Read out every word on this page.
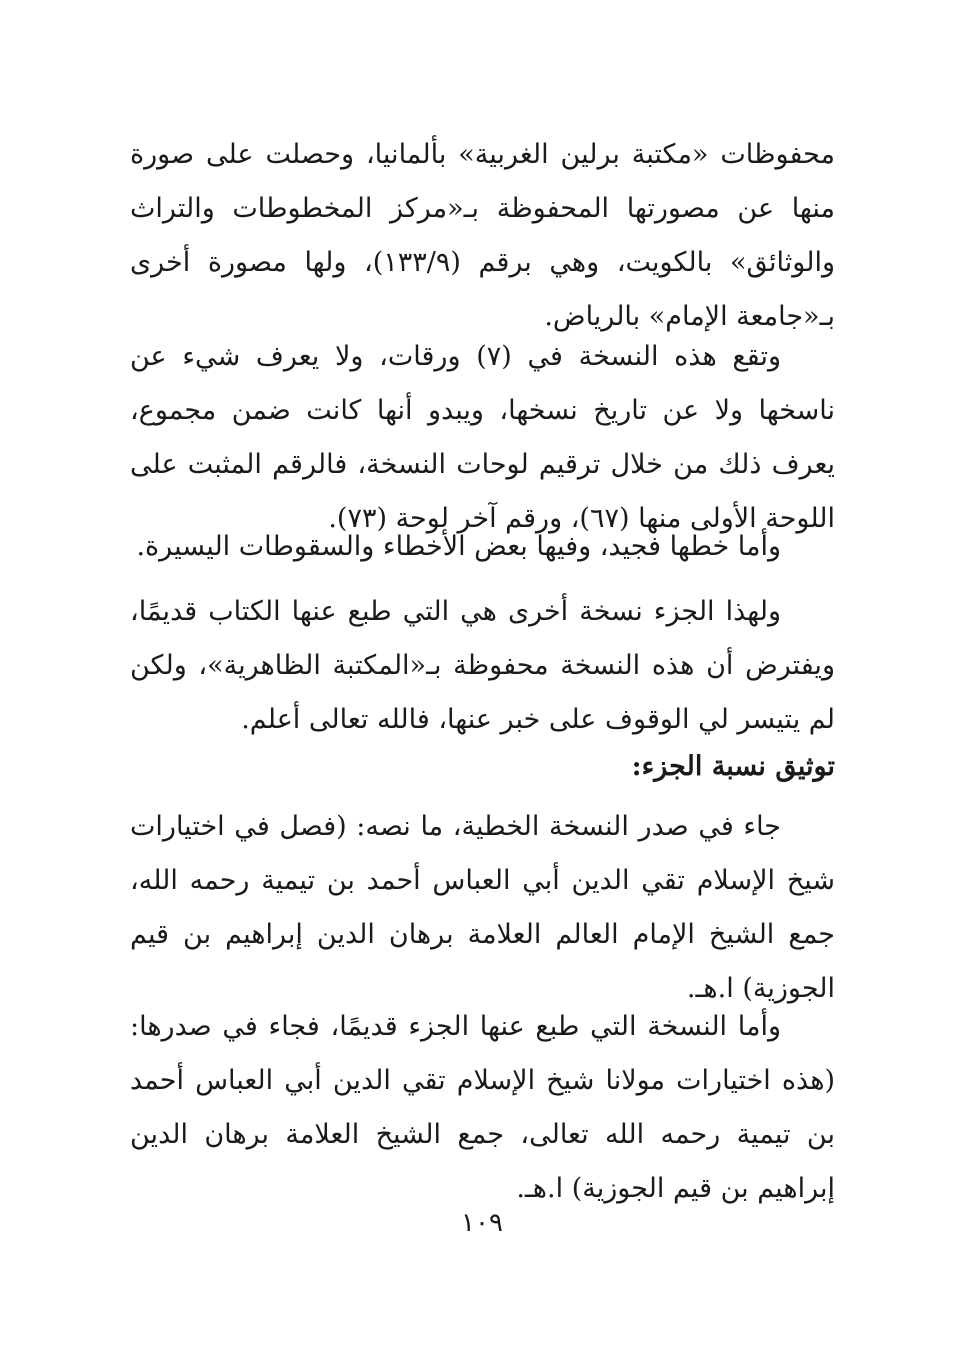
محفوظات «مكتبة برلين الغربية» بألمانيا، وحصلت على صورة منها عن مصورتها المحفوظة بـ«مركز المخطوطات والتراث والوثائق» بالكويت، وهي برقم (١٣٣/٩)، ولها مصورة أخرى بـ«جامعة الإمام» بالرياض.

وتقع هذه النسخة في (٧) ورقات، ولا يعرف شيء عن ناسخها ولا عن تاريخ نسخها، ويبدو أنها كانت ضمن مجموع، يعرف ذلك من خلال ترقيم لوحات النسخة، فالرقم المثبت على اللوحة الأولى منها (٦٧)، ورقم آخر لوحة (٧٣).

وأما خطها فجيد، وفيها بعض الأخطاء والسقوطات اليسيرة.

ولهذا الجزء نسخة أخرى هي التي طبع عنها الكتاب قديمًا، ويفترض أن هذه النسخة محفوظة بـ«المكتبة الظاهرية»، ولكن لم يتيسر لي الوقوف على خبر عنها، فالله تعالى أعلم.

توثيق نسبة الجزء:

جاء في صدر النسخة الخطية، ما نصه: (فصل في اختيارات شيخ الإسلام تقي الدين أبي العباس أحمد بن تيمية رحمه الله، جمع الشيخ الإمام العالم العلامة برهان الدين إبراهيم بن قيم الجوزية) ا.هـ.

وأما النسخة التي طبع عنها الجزء قديمًا، فجاء في صدرها: (هذه اختيارات مولانا شيخ الإسلام تقي الدين أبي العباس أحمد بن تيمية رحمه الله تعالى، جمع الشيخ العلامة برهان الدين إبراهيم بن قيم الجوزية) ا.هـ.

١٠٩
